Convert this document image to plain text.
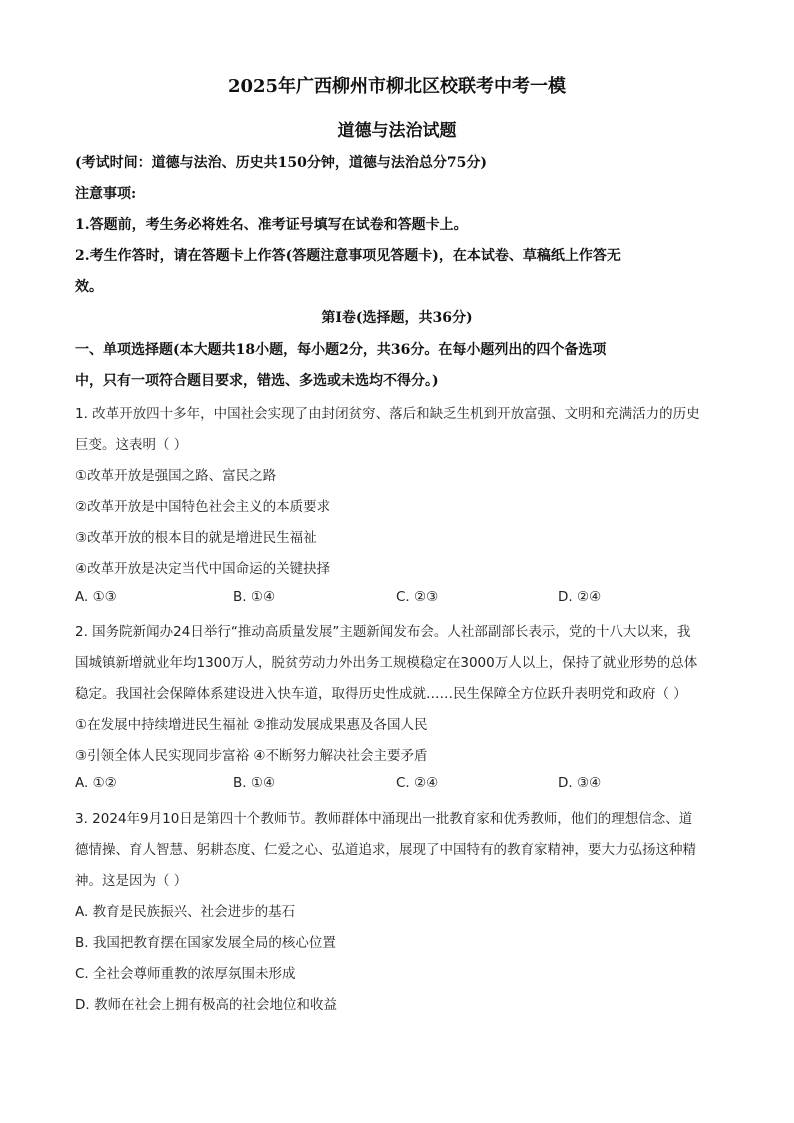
2025年广西柳州市柳北区校联考中考一模
道德与法治试题
(考试时间：道德与法治、历史共150分钟，道德与法治总分75分)
注意事项:
1.答题前，考生务必将姓名、准考证号填写在试卷和答题卡上。
2.考生作答时，请在答题卡上作答(答题注意事项见答题卡)，在本试卷、草稿纸上作答无
效。
第Ⅰ卷(选择题，共36分)
一、单项选择题(本大题共18小题，每小题2分，共36分。在每小题列出的四个备选项
中，只有一项符合题目要求，错选、多选或未选均不得分。)
1. 改革开放四十多年，中国社会实现了由封闭贫穷、落后和缺乏生机到开放富强、文明和充满活力的历史
巨变。这表明（ ）
①改革开放是强国之路、富民之路
②改革开放是中国特色社会主义的本质要求
③改革开放的根本目的就是增进民生福祉
④改革开放是决定当代中国命运的关键抉择
A. ①③	B. ①④	C. ②③	D. ②④
2. 国务院新闻办24日举行“推动高质量发展”主题新闻发布会。人社部副部长表示，党的十八大以来，我
国城镇新增就业年均1300万人，脱贫劳动力外出务工规模稳定在3000万人以上，保持了就业形势的总体
稳定。我国社会保障体系建设进入快车道，取得历史性成就……民生保障全方位跃升表明党和政府（ ）
①在发展中持续增进民生福祉 ②推动发展成果惠及各国人民
③引领全体人民实现同步富裕 ④不断努力解决社会主要矛盾
A. ①②	B. ①④	C. ②④	D. ③④
3. 2024年9月10日是第四十个教师节。教师群体中涌现出一批教育家和优秀教师，他们的理想信念、道
德情操、育人智慧、躬耕态度、仁爱之心、弘道追求，展现了中国特有的教育家精神，要大力弘扬这种精
神。这是因为（ ）
A. 教育是民族振兴、社会进步的基石
B. 我国把教育摆在国家发展全局的核心位置
C. 全社会尊师重教的浓厚氛围未形成
D. 教师在社会上拥有极高的社会地位和收益
